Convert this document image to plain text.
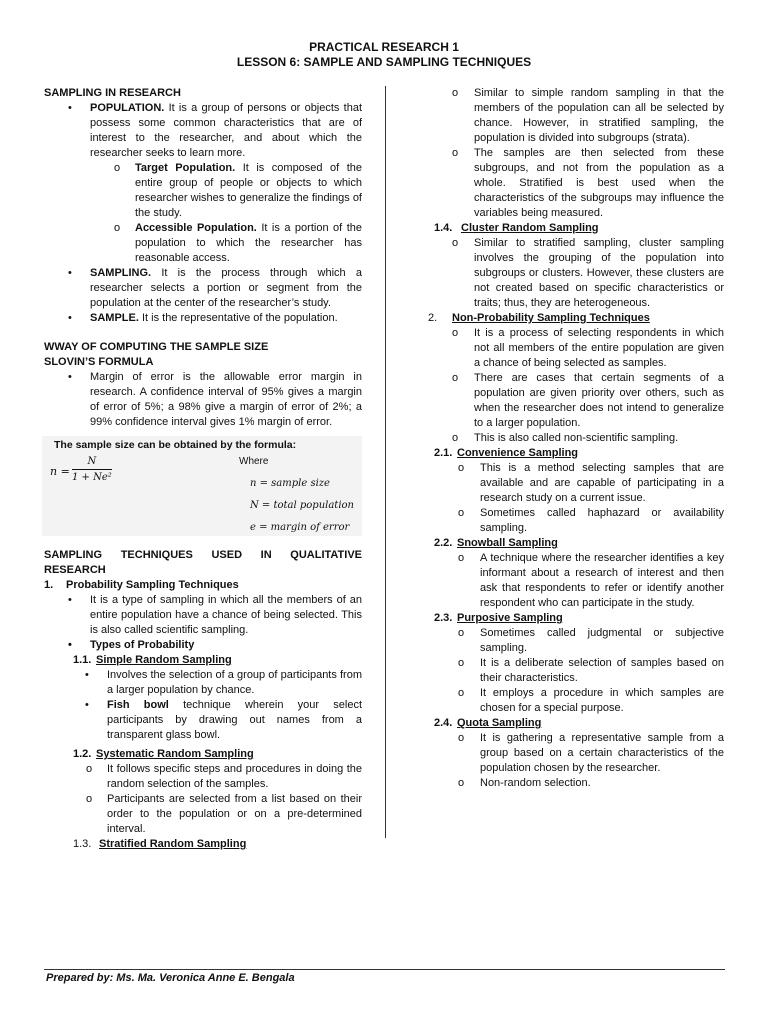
PRACTICAL RESEARCH 1
LESSON 6: SAMPLE AND SAMPLING TECHNIQUES

SAMPLING IN RESEARCH

• POPULATION. It is a group of persons or objects that possess some common characteristics that are of interest to the researcher, and about which the researcher seeks to learn more.
o Target Population. It is composed of the entire group of people or objects to which researcher wishes to generalize the findings of the study.
o Accessible Population. It is a portion of the population to which the researcher has reasonable access.
• SAMPLING. It is the process through which a researcher selects a portion or segment from the population at the center of the researcher’s study.
• SAMPLE. It is the representative of the population.

WWAY OF COMPUTING THE SAMPLE SIZE

SLOVIN’S FORMULA

• Margin of error is the allowable error margin in research. A confidence interval of 95% gives a margin of error of 5%; a 98% give a margin of error of 2%; a 99% confidence interval gives 1% margin of error.
The sample size can be obtained by the formula:
$n = \frac{N}{\text{1 + Ne²}}$	Where
n = sample size
N = total population
e = margin of error

SAMPLING TECHNIQUES USED IN QUALITATIVE RESEARCH

1. Probability Sampling Techniques
• It is a type of sampling in which all the members of an entire population have a chance of being selected. This is also called scientific sampling.
• Types of Probability
1.1. Simple Random Sampling
• Involves the selection of a group of participants from a larger population by chance.
• Fish bowl technique wherein your select participants by drawing out names from a transparent glass bowl.
1.2. Systematic Random Sampling
o It follows specific steps and procedures in doing the random selection of the samples.
o Participants are selected from a list based on their order to the population or on a pre-determined interval.
1.3. Stratified Random Sampling
o Similar to simple random sampling in that the members of the population can all be selected by chance. However, in stratified sampling, the population is divided into subgroups (strata).
o The samples are then selected from these subgroups, and not from the population as a whole. Stratified is best used when the characteristics of the subgroups may influence the variables being measured.
1.4. Cluster Random Sampling
o Similar to stratified sampling, cluster sampling involves the grouping of the population into subgroups or clusters. However, these clusters are not created based on specific characteristics or traits; thus, they are heterogeneous.
2. Non-Probability Sampling Techniques
o It is a process of selecting respondents in which not all members of the entire population are given a chance of being selected as samples.
o There are cases that certain segments of a population are given priority over others, such as when the researcher does not intend to generalize to a larger population.
o This is also called non-scientific sampling.
2.1. Convenience Sampling
o This is a method selecting samples that are available and are capable of participating in a research study on a current issue.
o Sometimes called haphazard or availability sampling.
2.2. Snowball Sampling
o A technique where the researcher identifies a key informant about a research of interest and then ask that respondents to refer or identify another respondent who can participate in the study.
2.3. Purposive Sampling
o Sometimes called judgmental or subjective sampling.
o It is a deliberate selection of samples based on their characteristics.
o It employs a procedure in which samples are chosen for a special purpose.
2.4. Quota Sampling
o It is gathering a representative sample from a group based on a certain characteristics of the population chosen by the researcher.
o Non-random selection.
Prepared by: Ms. Ma. Veronica Anne E. Bengala
